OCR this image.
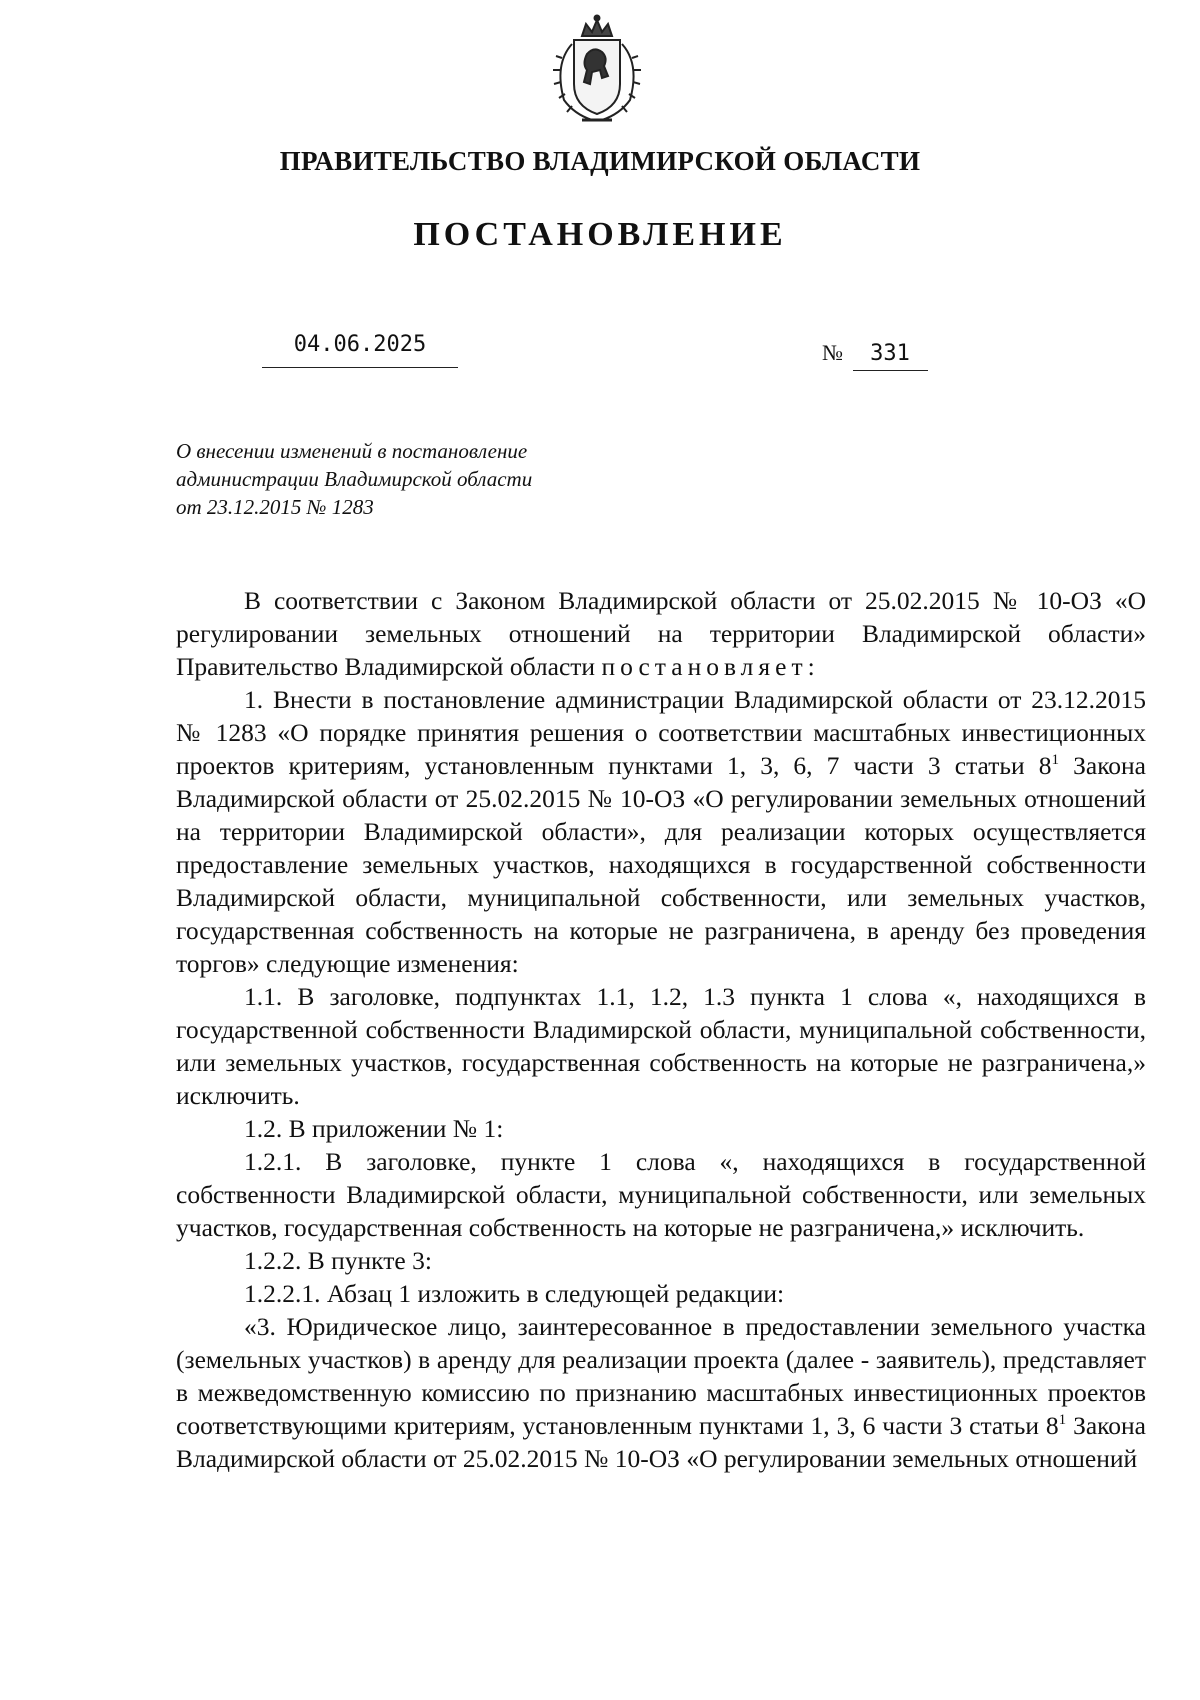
ПРАВИТЕЛЬСТВО ВЛАДИМИРСКОЙ ОБЛАСТИ
ПОСТАНОВЛЕНИЕ
04.06.2025	№ 331
О внесении изменений в постановление
администрации Владимирской области
от 23.12.2015 № 1283

В соответствии с Законом Владимирской области от 25.02.2015 № 10-ОЗ «О регулировании земельных отношений на территории Владимирской области» Правительство Владимирской области постановляет:

1. Внести в постановление администрации Владимирской области от 23.12.2015 № 1283 «О порядке принятия решения о соответствии масштабных инвестиционных проектов критериям, установленным пунктами 1, 3, 6, 7 части 3 статьи $8^1$ Закона Владимирской области от 25.02.2015 № 10-ОЗ «О регулировании земельных отношений на территории Владимирской области», для реализации которых осуществляется предоставление земельных участков, находящихся в государственной собственности Владимирской области, муниципальной собственности, или земельных участков, государственная собственность на которые не разграничена, в аренду без проведения торгов» следующие изменения:

1.1. В заголовке, подпунктах 1.1, 1.2, 1.3 пункта 1 слова «, находящихся в государственной собственности Владимирской области, муниципальной собственности, или земельных участков, государственная собственность на которые не разграничена,» исключить.

1.2. В приложении № 1:

1.2.1. В заголовке, пункте 1 слова «, находящихся в государственной собственности Владимирской области, муниципальной собственности, или земельных участков, государственная собственность на которые не разграничена,» исключить.

1.2.2. В пункте 3:

1.2.2.1. Абзац 1 изложить в следующей редакции:

«3. Юридическое лицо, заинтересованное в предоставлении земельного участка (земельных участков) в аренду для реализации проекта (далее - заявитель), представляет в межведомственную комиссию по признанию масштабных инвестиционных проектов соответствующими критериям, установленным пунктами 1, 3, 6 части 3 статьи $8^1$ Закона Владимирской области от 25.02.2015 № 10-ОЗ «О регулировании земельных отношений
